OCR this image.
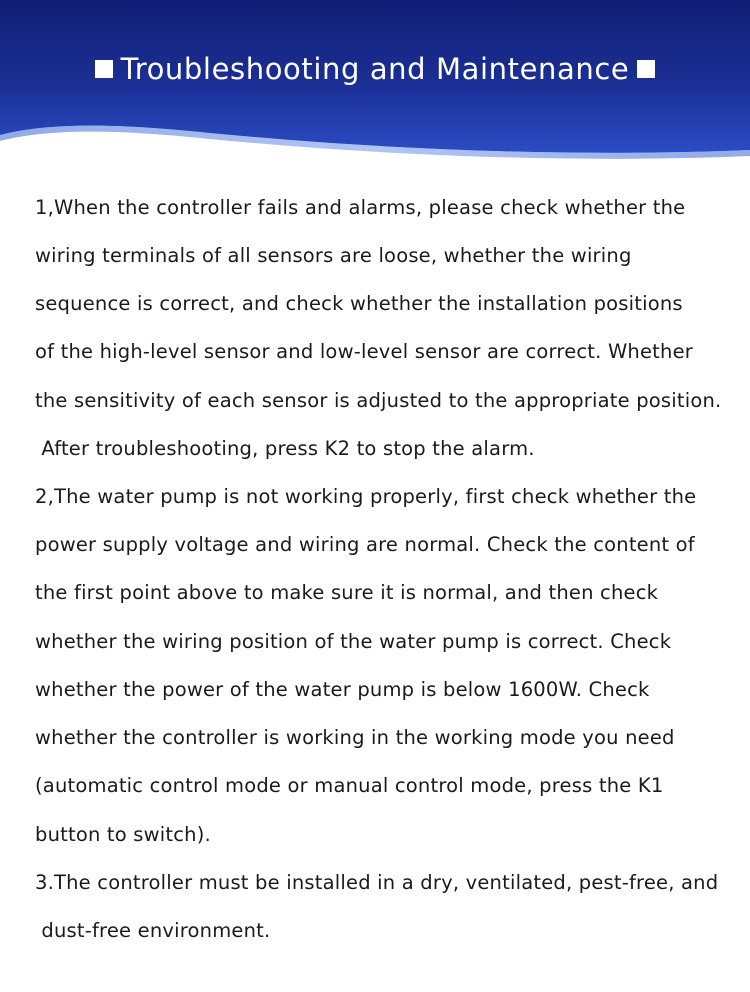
Troubleshooting and Maintenance
1,When the controller fails and alarms, please check whether the
wiring terminals of all sensors are loose, whether the wiring
sequence is correct, and check whether the installation positions
of the high-level sensor and low-level sensor are correct. Whether
the sensitivity of each sensor is adjusted to the appropriate position.
After troubleshooting, press K2 to stop the alarm.
2,The water pump is not working properly, first check whether the
power supply voltage and wiring are normal. Check the content of
the first point above to make sure it is normal, and then check
whether the wiring position of the water pump is correct. Check
whether the power of the water pump is below 1600W. Check
whether the controller is working in the working mode you need
(automatic control mode or manual control mode, press the K1
button to switch).
3.The controller must be installed in a dry, ventilated, pest-free, and
dust-free environment.
